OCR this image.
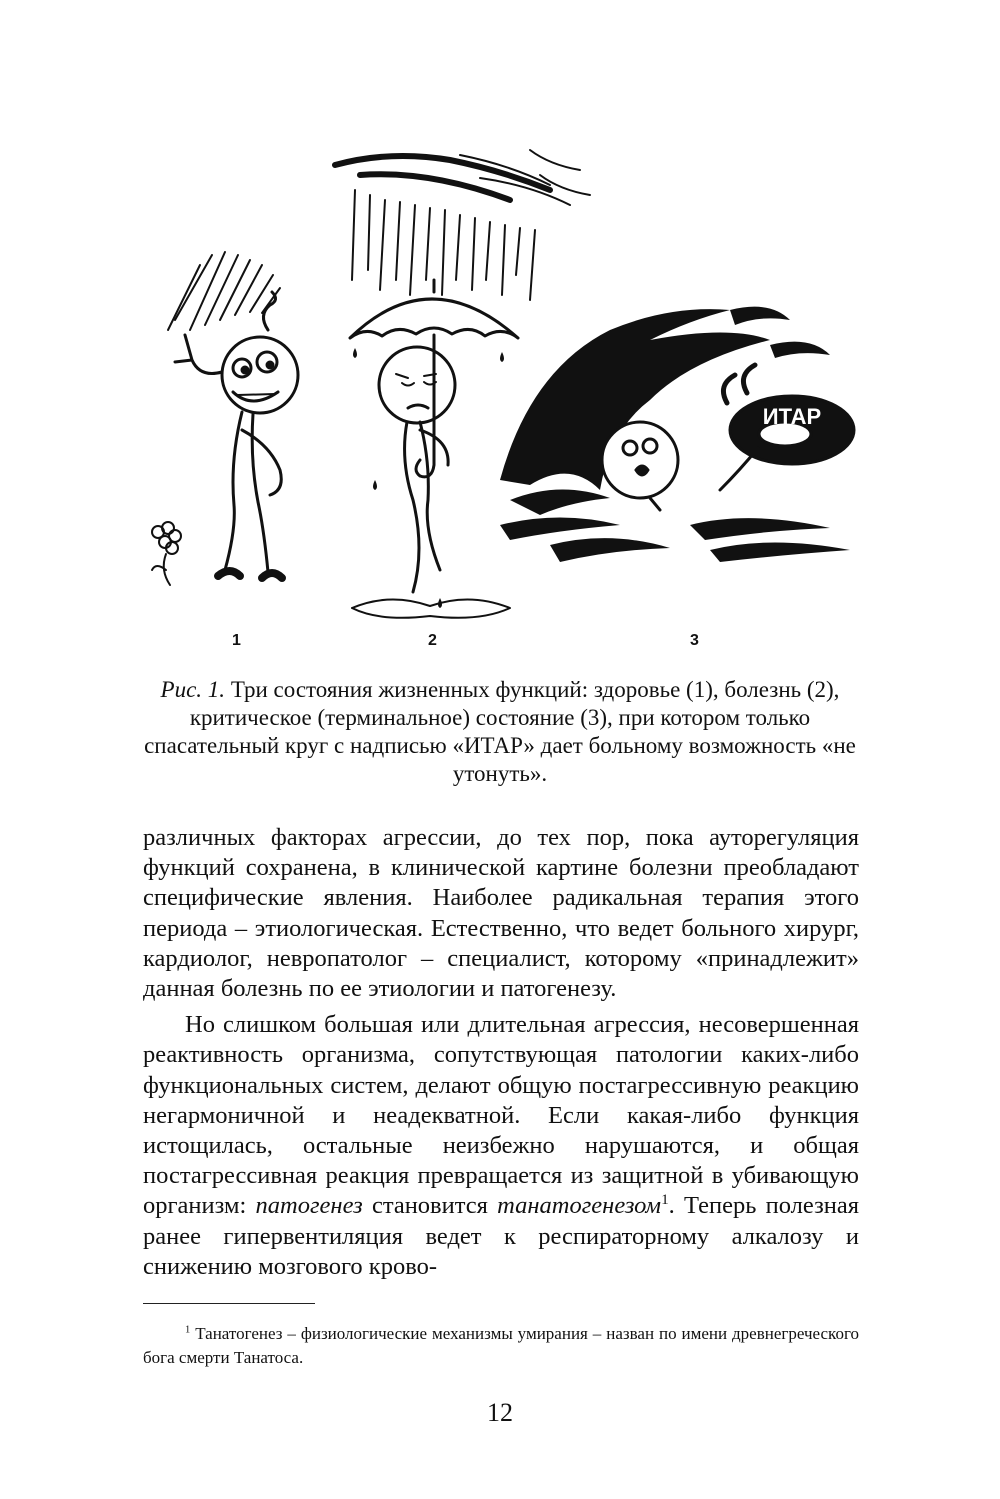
ИТАР
1	2	3
Рис. 1. Три состояния жизненных функций: здоровье (1), болезнь (2), критическое (терминальное) состояние (3), при котором только спасательный круг с надписью «ИТАР» дает больному возможность «не утонуть».

различных факторах агрессии, до тех пор, пока ауторегуляция функций сохранена, в клинической картине болезни преобладают специфические явления. Наиболее радикальная терапия этого периода – этиологическая. Естественно, что ведет больного хирург, кардиолог, невропатолог – специалист, которому «принадлежит» данная болезнь по ее этиологии и патогенезу.

Но слишком большая или длительная агрессия, несовершенная реактивность организма, сопутствующая патологии каких-либо функциональных систем, делают общую постагрессивную реакцию негармоничной и неадекватной. Если какая-либо функция истощилась, остальные неизбежно нарушаются, и общая постагрессивная реакция превращается из защитной в убивающую организм: патогенез становится танатогенезом$^1$. Теперь полезная ранее гипервентиляция ведет к респираторному алкалозу и снижению мозгового крово-

$^1$ Танатогенез – физиологические механизмы умирания – назван по имени древнегреческого бога смерти Танатоса.
12
